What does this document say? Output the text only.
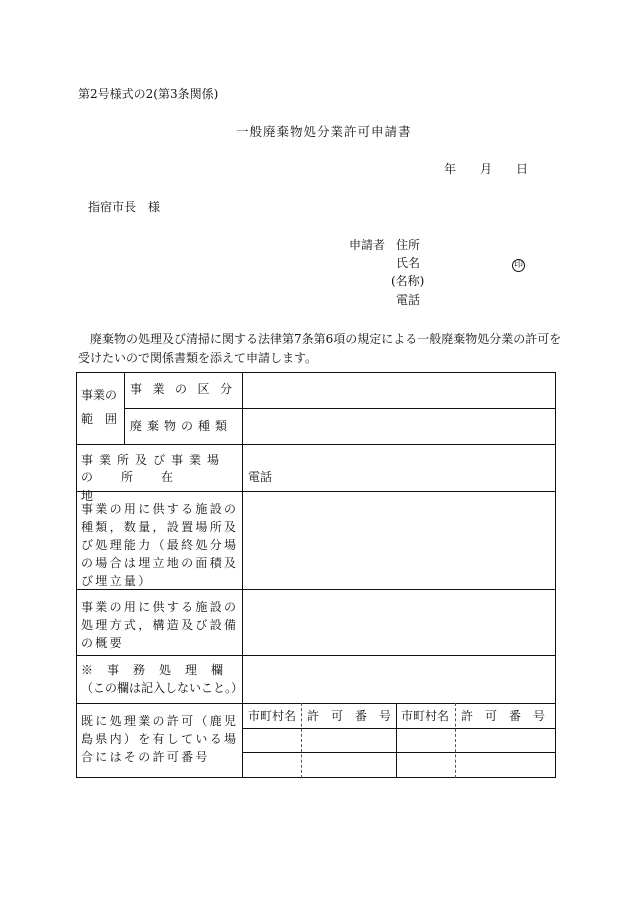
第2号様式の2(第3条関係)
一般廃棄物処分業許可申請書
年 月 日
指宿市長　様
申請者 住所
氏名	印
(名称)
電話
　廃棄物の処理及び清掃に関する法律第7条第6項の規定による一般廃棄物処分業の許可を
受けたいので関係書類を添えて申請します。
事業の
範　囲
事業の区分
廃棄物の種類
事業所及び事業場
の所在地
電話
事業の用に供する施設の種類，数量，設置場所及び処理能力（最終処分場の場合は埋立地の面積及び埋立量）
事業の用に供する施設の処理方式，構造及び設備の概要
※事務処理欄
（この欄は記入しないこと。）
既に処理業の許可（鹿児島県内）を有している場合にはその許可番号
市町村名 許可番号
市町村名 許可番号
